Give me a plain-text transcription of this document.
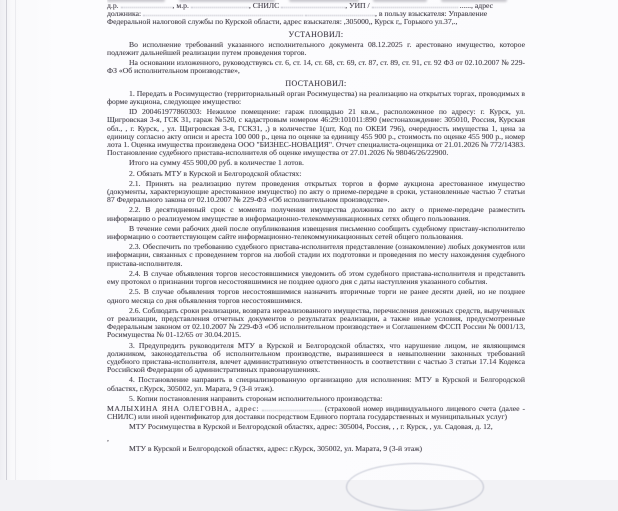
д.р.	, м.р.	, СНИЛС	, УИП /	......, адрес

должника:	, в пользу взыскателя: Управление

Федеральной налоговой службы по Курской области, адрес взыскателя: ,305000,, Курск г,, Горького ул.37,.,

УСТАНОВИЛ:

Во исполнение требований указанного исполнительного документа 08.12.2025 г. арестовано имущество, которое подлежит дальнейшей реализации путем проведения торгов.

На основании изложенного, руководствуясь ст. 6, ст. 14, ст. 68, ст. 69, ст. 87, ст. 89, ст. 91, ст. 92 ФЗ от 02.10.2007 № 229-ФЗ «Об исполнительном производстве»,

ПОСТАНОВИЛ:

1. Передать в Росимущество (территориальный орган Росимущества) на реализацию на открытых торгах, проводимых в форме аукциона, следующее имущество:

ID 200461977860303: Нежилое помещение: гараж площадью 21 кв.м., расположенное по адресу: г. Курск, ул. Щигровская 3-я, ГСК 31, гараж №520, с кадастровым номером 46:29:101011:890 (местонахождение: 305010, Россия, Курская обл., , г. Курск, , ул. Щигровская 3-я, ГСК31, ,) в количестве 1(шт, Код по ОКЕИ 796), очередность имущества 1, цена за единицу согласно акту описи и ареста 100 000 р., цена по оценке за единицу 455 900 р., стоимость по оценке 455 900 р., номер лота 1. Оценка имущества произведена ООО "БИЗНЕС-НОВАЦИЯ". Отчет специалиста-оценщика от 21.01.2026 № 772/14383. Постановление судебного пристава-исполнителя об оценке имущества от 27.01.2026 № 98046/26/22900.

Итого на сумму 455 900,00 руб. в количестве 1 лотов.

2. Обязать МТУ в Курской и Белгородской областях:

2.1. Принять на реализацию путем проведения открытых торгов в форме аукциона арестованное имущество (документы, характеризующие арестованное имущество) по акту о приеме-передаче в сроки, установленные частью 7 статьи 87 Федерального закона от 02.10.2007 № 229-ФЗ «Об исполнительном производстве».

2.2. В десятидневный срок с момента получения имущества должника по акту о приеме-передаче разместить информацию о реализуемом имуществе в информационно-телекоммуникационных сетях общего пользования.

В течение семи рабочих дней после опубликования извещения письменно сообщить судебному приставу-исполнителю информацию о соответствующем сайте информационно-телекоммуникационных сетей общего пользования.

2.3. Обеспечить по требованию судебного пристава-исполнителя представление (ознакомление) любых документов или информации, связанных с проведением торгов на любой стадии их подготовки и проведения по месту нахождения судебного пристава-исполнителя.

2.4. В случае объявления торгов несостоявшимися уведомить об этом судебного пристава-исполнителя и представить ему протокол о признании торгов несостоявшимися не позднее одного дня с даты наступления указанного события.

2.5. В случае объявления торгов несостоявшимися назначить вторичные торги не ранее десяти дней, но не позднее одного месяца со дня объявления торгов несостоявшимися.

2.6. Соблюдать сроки реализации, возврата нереализованного имущества, перечисления денежных средств, вырученных от реализации, представления отчетных документов о результатах реализации, а также иные условия, предусмотренные Федеральным законом от 02.10.2007 № 229-ФЗ «Об исполнительном производстве» и Соглашением ФССП России № 0001/13, Росимущества № 01-12/65 от 30.04.2015.

3. Предупредить руководителя МТУ в Курской и Белгородской областях, что нарушение лицом, не являющимся должником, законодательства об исполнительном производстве, выразившееся в невыполнении законных требований судебного пристава-исполнителя, влечет административную ответственность в соответствии с частью 3 статьи 17.14 Кодекса Российской Федерации об административных правонарушениях.

4. Постановление направить в специализированную организацию для исполнения: МТУ в Курской и Белгородской областях, г.Курск, 305002, ул. Марата, 9 (3-й этаж).

5. Копии постановления направить сторонам исполнительного производства:

МАЛЫХИНА ЯНА ОЛЕГОВНА, адрес:	(страховой номер индивидуального лицевого счета (далее - СНИЛС) или иной идентификатор для доставки посредством Единого портала государственных и муниципальных услуг)

МТУ Росимущества в Курской и Белгородской областях, адрес: 305004, Россия, , , г. Курск, , ул. Садовая, д. 12,

,

МТУ в Курской и Белгородской областях, адрес: г.Курск, 305002, ул. Марата, 9 (3-й этаж)
